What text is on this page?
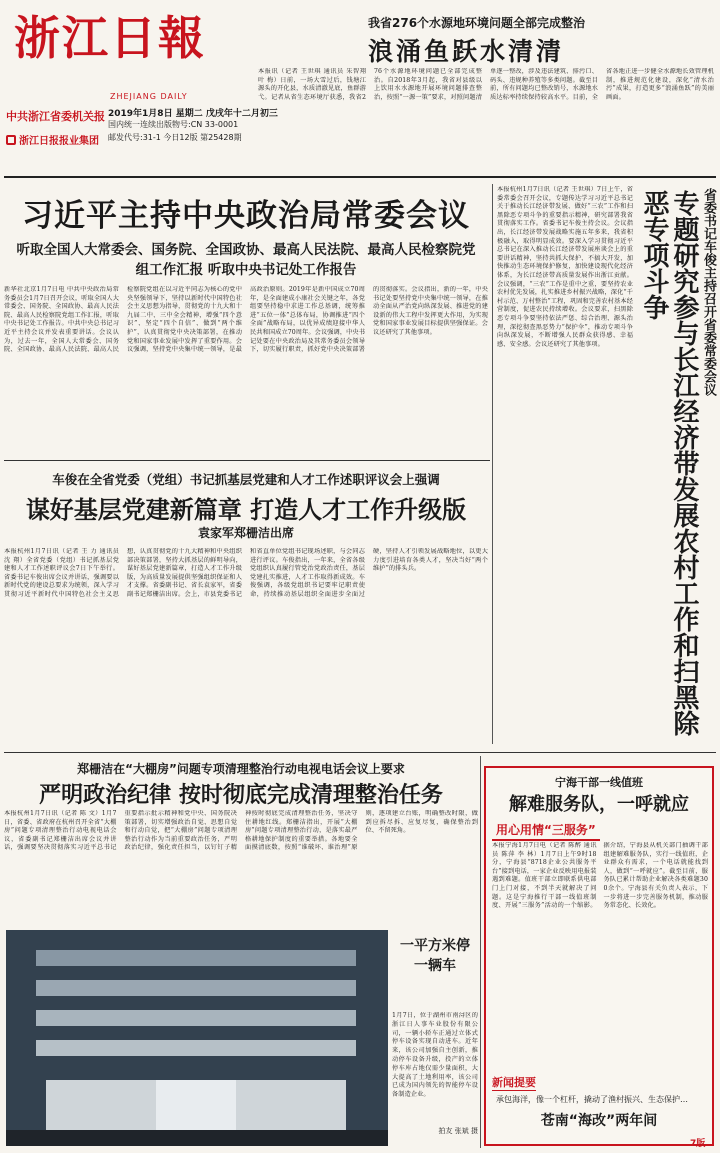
浙江日報
ZHEJIANG DAILY
中共浙江省委机关报
浙江日报报业集团
2019年1月8日 星期二 戊戌年十二月初三
国内统一连续出版物号:CN 33-0001
邮发代号:31-1 今日12版 第25428期
我省276个水源地环境问题全部完成整治
浪涌鱼跃水清清
本报讯（记者 王世琪 通讯员 朱智翔 叶 梅）日前，一场大雪过后，钱塘江源头的开化县，水质清澈见底，鱼群游弋。记者从省生态环境厅获悉，我省276个水源地环境问题已全部完成整治。自2018年3月起，我省对县级以上饮用水水源地开展环境问题排查整治，按照“一源一策”要求，对照问题清单逐一整改，涉及违法建筑、排污口、码头、违规种养殖等多类问题。截至目前，所有问题均已整改销号，水源地水质达标率持续保持较高水平。目前，全省各地正进一步健全水源地长效管理机制，推进规范化建设，深化“清水治污”成果，打造更多“浪涌鱼跃”的美丽画面。
习近平主持中央政治局常委会议
听取全国人大常委会、国务院、全国政协、最高人民法院、最高人民检察院党组工作汇报 听取中央书记处工作报告
新华社北京1月7日电 中共中央政治局常务委员会1月7日召开会议，听取全国人大常委会、国务院、全国政协、最高人民法院、最高人民检察院党组工作汇报，听取中央书记处工作报告。中共中央总书记习近平主持会议并发表重要讲话。会议认为，过去一年，全国人大常委会、国务院、全国政协、最高人民法院、最高人民检察院党组在以习近平同志为核心的党中央坚强领导下，坚持以新时代中国特色社会主义思想为指导，贯彻党的十九大和十九届二中、三中全会精神，增强“四个意识”、坚定“四个自信”、做到“两个维护”，认真贯彻党中央决策部署，在推动党和国家事业发展中发挥了重要作用。会议强调，坚持党中央集中统一领导，是最高政治原则。2019年是新中国成立70周年，是全面建成小康社会关键之年，各党组要坚持稳中求进工作总基调，统筹推进“五位一体”总体布局，协调推进“四个全面”战略布局，以优异成绩迎接中华人民共和国成立70周年。会议强调，中央书记处要在中央政治局及其常务委员会领导下，切实履行职责，抓好党中央决策部署的贯彻落实。会议指出，新的一年，中央书记处要坚持党中央集中统一领导，在推动全面从严治党向纵深发展、推进党的建设新的伟大工程中发挥更大作用，为实现党和国家事业发展目标提供坚强保证。会议还研究了其他事项。	省委书记车俊主持召开省委常委会议
专题研究参与长江经济带发展农村工作和扫黑除恶专项斗争
本报杭州1月7日讯（记者 王世琪）7日上午，省委常委会召开会议，专题传达学习习近平总书记关于推动长江经济带发展、做好“三农”工作和扫黑除恶专项斗争的重要指示精神，研究部署我省贯彻落实工作。省委书记车俊主持会议。会议指出，长江经济带发展战略实施五年多来，我省积极融入，取得明显成效。要深入学习贯彻习近平总书记在深入推动长江经济带发展座谈会上的重要讲话精神，坚持共抓大保护、不搞大开发，加快推动生态环境保护修复，加快建设现代化经济体系，为长江经济带高质量发展作出浙江贡献。会议强调，“三农”工作是重中之重，要坚持农业农村优先发展，扎实推进乡村振兴战略，深化“千村示范、万村整治”工程，巩固和完善农村基本经营制度，促进农民持续增收。会议要求，扫黑除恶专项斗争要坚持依法严惩、综合治理、源头治理，深挖彻查黑恶势力“保护伞”，推动专项斗争向纵深发展，不断增强人民群众获得感、幸福感、安全感。会议还研究了其他事项。
车俊在全省党委（党组）书记抓基层党建和人才工作述职评议会上强调
谋好基层党建新篇章 打造人才工作升级版
袁家军郑栅洁出席
本报杭州1月7日讯（记者 王 力 通讯员 沈 翔）全省党委（党组）书记抓基层党建和人才工作述职评议会7日下午举行。省委书记车俊出席会议并讲话，强调要以新时代党的建设总要求为统领，深入学习贯彻习近平新时代中国特色社会主义思想，认真贯彻党的十九大精神和中央组织部决策部署，坚持大抓基层的鲜明导向，谋好基层党建新篇章，打造人才工作升级版，为高质量发展提供坚强组织保证和人才支撑。省委副书记、省长袁家军，省委副书记郑栅洁出席。会上，市县党委书记和省直单位党组书记现场述职，与会同志进行评议。车俊指出，一年来，全省各级党组织认真履行管党治党政治责任，基层党建扎实推进，人才工作取得新成效。车俊强调，各级党组织书记要牢记职责使命，持续推动基层组织全面进步全面过硬，坚持人才引领发展战略地位，以更大力度引进培育各类人才，坚决当好“两个维护”的排头兵。
郑栅洁在“大棚房”问题专项清理整治行动电视电话会议上要求
严明政治纪律 按时彻底完成清理整治任务
本报杭州1月7日讯（记者 陈 文）1月7日，省委、省政府在杭州召开全省“大棚房”问题专项清理整治行动电视电话会议，省委副书记郑栅洁出席会议并讲话，强调要坚决贯彻落实习近平总书记重要指示批示精神和党中央、国务院决策部署，切实增强政治自觉、思想自觉和行动自觉，把“大棚房”问题专项清理整治行动作为当前重要政治任务，严明政治纪律，强化责任担当，以钉钉子精神按时彻底完成清理整治任务，坚决守住耕地红线。郑栅洁指出，开展“大棚房”问题专项清理整治行动，是落实最严格耕地保护制度的重要举措。各地要全面摸清底数，按照“谁破坏、谁治理”原则，逐项建立台账，明确整改时限，做到应拆尽拆、应复尽复，确保整治到位、不留死角。
一平方米停一辆车
1月7日，位于湖州市南浔区的浙江日人事车业股份有限公司，一辆小轿车正通过立体式停车设备实现自动进车。近年来，该公司加强自主创新，推动停车设备升级，投产的立体停车库占地仅需少量面积，大大提高了土地利用率，该公司已成为国内领先的智能停车设备制造企业。
拍友 张斌 摄
宁海干部一线值班
解难服务队，一呼就应
用心用情“三服务”
本报宁海1月7日电（记者 陈醉 通讯员 陈萍 李 林）1月7日上午9时18分，宁海县“8718企业公共服务平台”接到电话，一家企业反映用电报装遇到难题。值班干部立即联系供电部门上门对接，不到半天就解决了问题。这是宁海推行干部一线值班制度、开展“三服务”活动的一个缩影。据介绍，宁海县从机关部门抽调干部组建解难服务队，实行一线值班，企业群众有需求，一个电话就能找到人，做到“一呼就应”。截至目前，服务队已累计帮助企业解决各类难题300余个。宁海县有关负责人表示，下一步将进一步完善服务机制，推动服务常态化、长效化。
新闻提要
承包海洋，像一个杠杆，撬动了渔村振兴、生态保护…
苍南“海改”两年间
7版
